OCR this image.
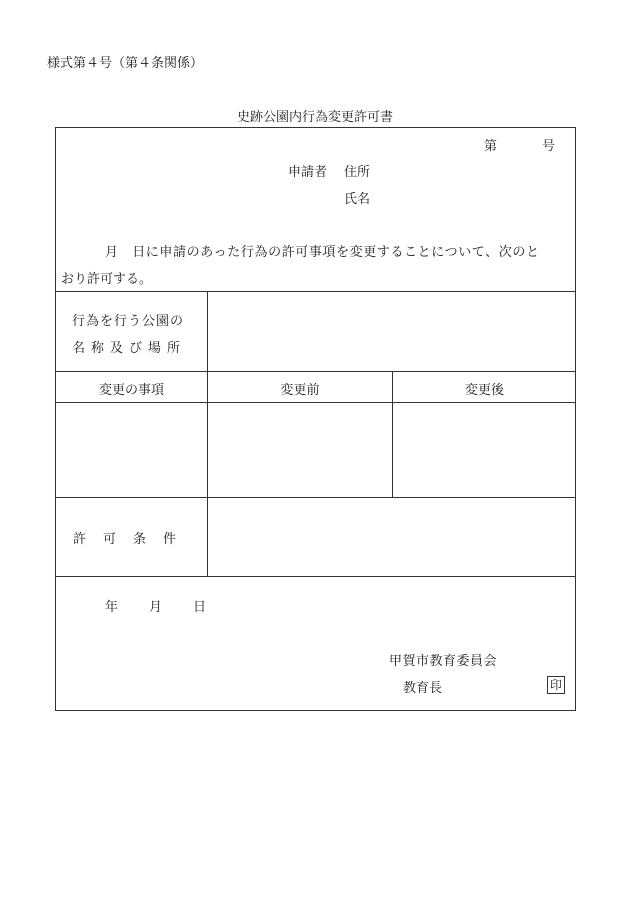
様式第４号（第４条関係）
史跡公園内行為変更許可書
第	号
申請者 住所
氏名
月　日に申請のあった行為の許可事項を変更することについて、次のと
おり許可する。
行為を行う公園の
名称及び場所
変更の事項	変更前	変更後
許　可　条　件
年 月 日
甲賀市教育委員会
教育長	印
